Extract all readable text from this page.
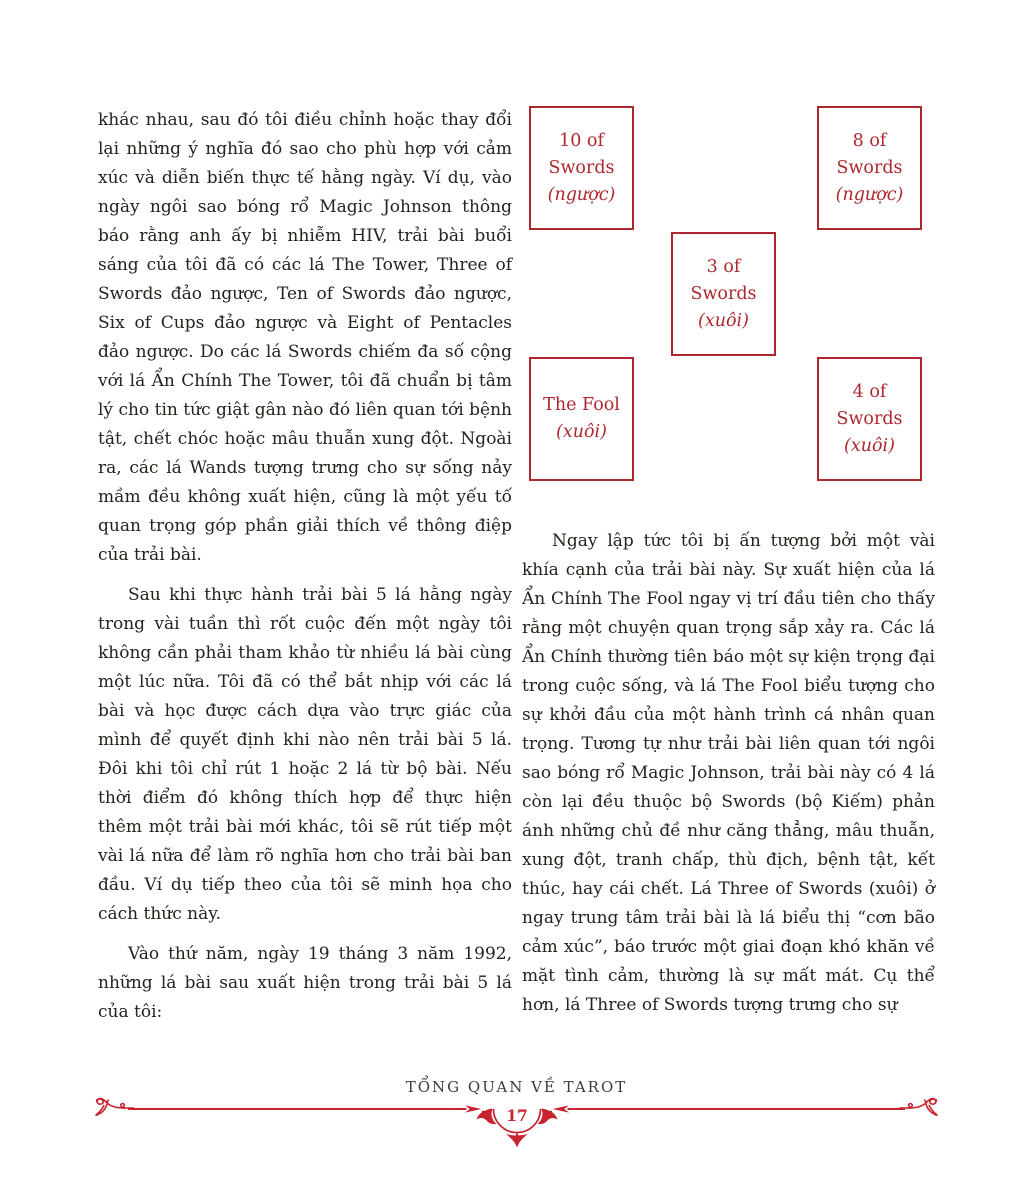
khác nhau, sau đó tôi điều chỉnh hoặc thay đổi lại những ý nghĩa đó sao cho phù hợp với cảm xúc và diễn biến thực tế hằng ngày. Ví dụ, vào ngày ngôi sao bóng rổ Magic Johnson thông báo rằng anh ấy bị nhiễm HIV, trải bài buổi sáng của tôi đã có các lá The Tower, Three of Swords đảo ngược, Ten of Swords đảo ngược, Six of Cups đảo ngược và Eight of Pentacles đảo ngược. Do các lá Swords chiếm đa số cộng với lá Ẩn Chính The Tower, tôi đã chuẩn bị tâm lý cho tin tức giật gân nào đó liên quan tới bệnh tật, chết chóc hoặc mâu thuẫn xung đột. Ngoài ra, các lá Wands tượng trưng cho sự sống nảy mầm đều không xuất hiện, cũng là một yếu tố quan trọng góp phần giải thích về thông điệp của trải bài.

Sau khi thực hành trải bài 5 lá hằng ngày trong vài tuần thì rốt cuộc đến một ngày tôi không cần phải tham khảo từ nhiều lá bài cùng một lúc nữa. Tôi đã có thể bắt nhịp với các lá bài và học được cách dựa vào trực giác của mình để quyết định khi nào nên trải bài 5 lá. Đôi khi tôi chỉ rút 1 hoặc 2 lá từ bộ bài. Nếu thời điểm đó không thích hợp để thực hiện thêm một trải bài mới khác, tôi sẽ rút tiếp một vài lá nữa để làm rõ nghĩa hơn cho trải bài ban đầu. Ví dụ tiếp theo của tôi sẽ minh họa cho cách thức này.

Vào thứ năm, ngày 19 tháng 3 năm 1992, những lá bài sau xuất hiện trong trải bài 5 lá của tôi:

10 of Swords
(ngược)
8 of Swords
(ngược)
3 of Swords
(xuôi)
The Fool
(xuôi)
4 of Swords
(xuôi)

Ngay lập tức tôi bị ấn tượng bởi một vài khía cạnh của trải bài này. Sự xuất hiện của lá Ẩn Chính The Fool ngay vị trí đầu tiên cho thấy rằng một chuyện quan trọng sắp xảy ra. Các lá Ẩn Chính thường tiên báo một sự kiện trọng đại trong cuộc sống, và lá The Fool biểu tượng cho sự khởi đầu của một hành trình cá nhân quan trọng. Tương tự như trải bài liên quan tới ngôi sao bóng rổ Magic Johnson, trải bài này có 4 lá còn lại đều thuộc bộ Swords (bộ Kiếm) phản ánh những chủ đề như căng thẳng, mâu thuẫn, xung đột, tranh chấp, thù địch, bệnh tật, kết thúc, hay cái chết. Lá Three of Swords (xuôi) ở ngay trung tâm trải bài là lá biểu thị “cơn bão cảm xúc”, báo trước một giai đoạn khó khăn về mặt tình cảm, thường là sự mất mát. Cụ thể hơn, lá Three of Swords tượng trưng cho sự

TỔNG QUAN VỀ TAROT
17
